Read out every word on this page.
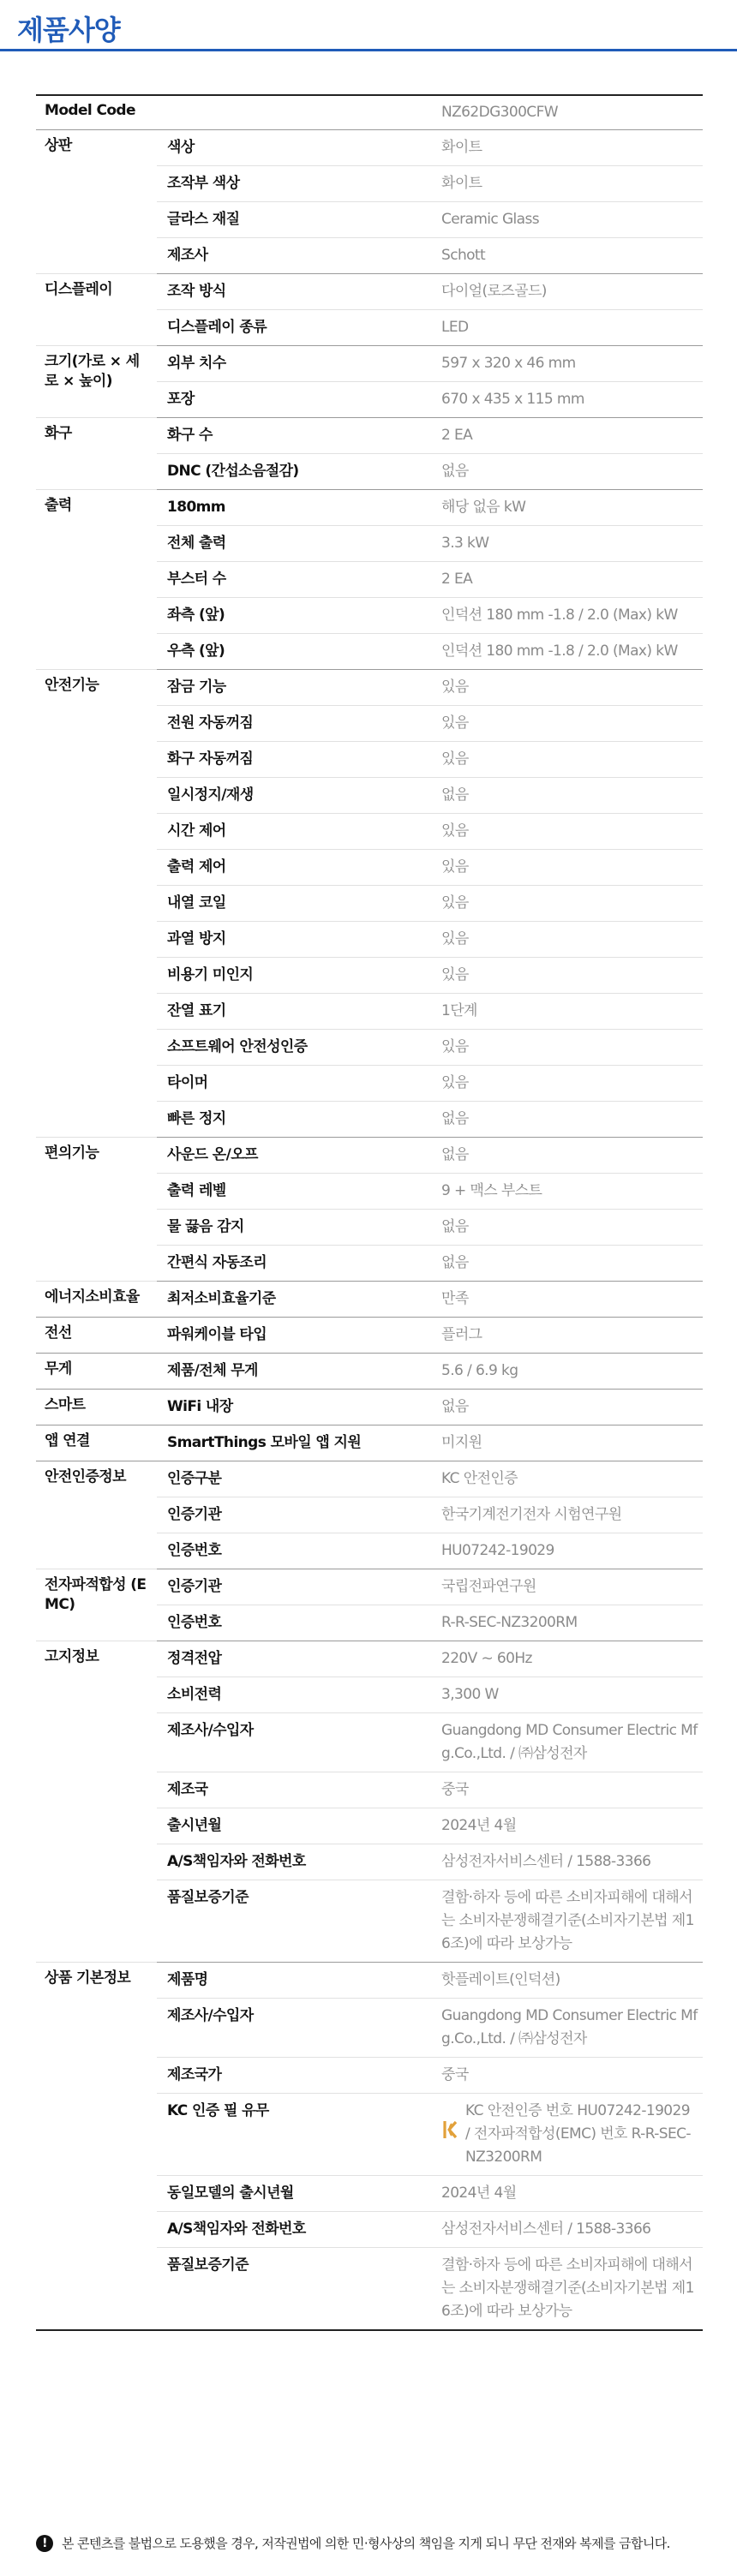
제품사양
Model Code		NZ62DG300CFW
상판	색상	화이트
	조작부 색상	화이트
	글라스 재질	Ceramic Glass
	제조사	Schott
디스플레이	조작 방식	다이얼(로즈골드)
	디스플레이 종류	LED
크기(가로 × 세로 × 높이)	외부 치수	597 x 320 x 46 mm
	포장	670 x 435 x 115 mm
화구	화구 수	2 EA
	DNC (간섭소음절감)	없음
출력	180mm	해당 없음 kW
	전체 출력	3.3 kW
	부스터 수	2 EA
	좌측 (앞)	인덕션 180 mm -1.8 / 2.0 (Max) kW
	우측 (앞)	인덕션 180 mm -1.8 / 2.0 (Max) kW
안전기능	잠금 기능	있음
	전원 자동꺼짐	있음
	화구 자동꺼짐	있음
	일시정지/재생	없음
	시간 제어	있음
	출력 제어	있음
	내열 코일	있음
	과열 방지	있음
	비용기 미인지	있음
	잔열 표기	1단계
	소프트웨어 안전성인증	있음
	타이머	있음
	빠른 정지	없음
편의기능	사운드 온/오프	없음
	출력 레벨	9 + 맥스 부스트
	물 끓음 감지	없음
	간편식 자동조리	없음
에너지소비효율	최저소비효율기준	만족
전선	파워케이블 타입	플러그
무게	제품/전체 무게	5.6 / 6.9 kg
스마트	WiFi 내장	없음
앱 연결	SmartThings 모바일 앱 지원	미지원
안전인증정보	인증구분	KC 안전인증
	인증기관	한국기계전기전자 시험연구원
	인증번호	HU07242-19029
전자파적합성 (EMC)	인증기관	국립전파연구원
	인증번호	R-R-SEC-NZ3200RM
고지정보	정격전압	220V ~ 60Hz
	소비전력	3,300 W
	제조사/수입자	Guangdong MD Consumer Electric Mfg.Co.,Ltd. / ㈜삼성전자
	제조국	중국
	출시년월	2024년 4월
	A/S책임자와 전화번호	삼성전자서비스센터 / 1588-3366
	품질보증기준	결함·하자 등에 따른 소비자피해에 대해서는 소비자분쟁해결기준(소비자기본법 제16조)에 따라 보상가능
상품 기본정보	제품명	핫플레이트(인덕션)
	제조사/수입자	Guangdong MD Consumer Electric Mfg.Co.,Ltd. / ㈜삼성전자
	제조국가	중국
	KC 인증 필 유무	KC 안전인증 번호 HU07242-19029 / 전자파적합성(EMC) 번호 R-R-SEC-NZ3200RM

	동일모델의 출시년월	2024년 4월
	A/S책임자와 전화번호	삼성전자서비스센터 / 1588-3366
	품질보증기준	결함·하자 등에 따른 소비자피해에 대해서는 소비자분쟁해결기준(소비자기본법 제16조)에 따라 보상가능
!	본 콘텐츠를 불법으로 도용했을 경우, 저작권법에 의한 민·형사상의 책임을 지게 되니 무단 전재와 복제를 금합니다.
